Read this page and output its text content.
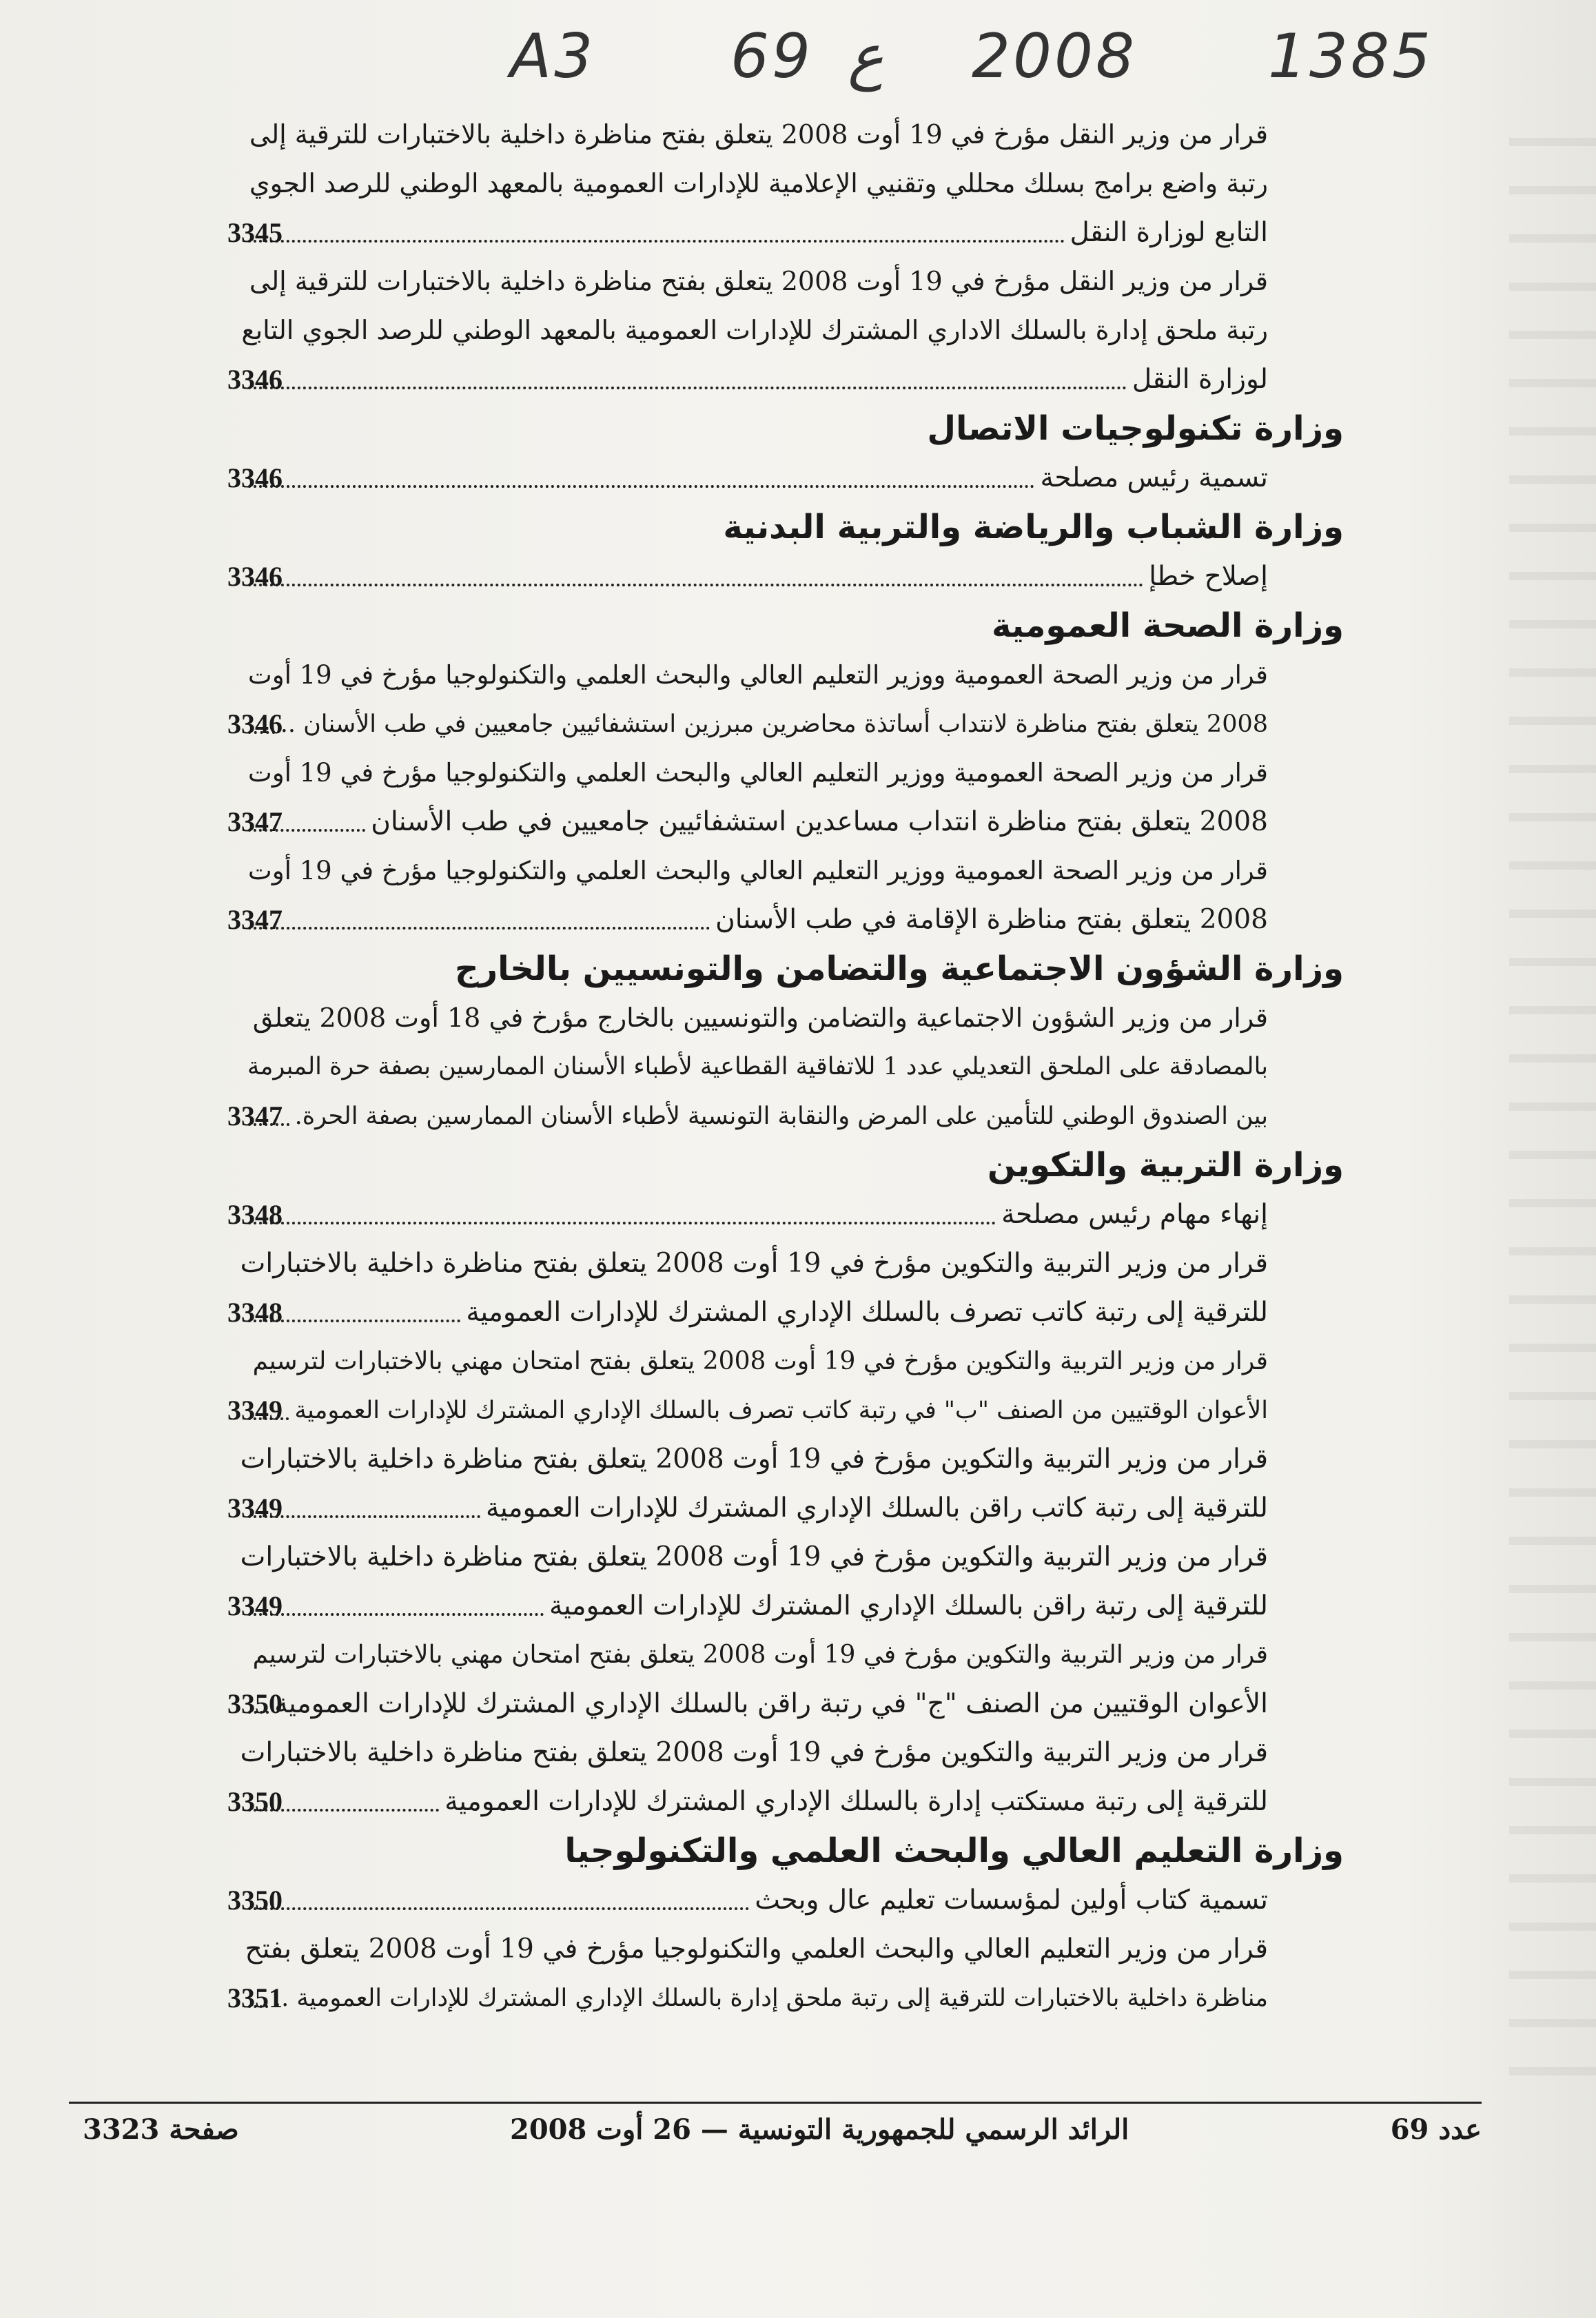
A3 69 ع 2008 1385
قرار من وزير النقل مؤرخ في 19 أوت 2008 يتعلق بفتح مناظرة داخلية بالاختبارات للترقية إلى
رتبة واضع برامج بسلك محللي وتقنيي الإعلامية للإدارات العمومية بالمعهد الوطني للرصد الجوي
التابع لوزارة النقل
3345
قرار من وزير النقل مؤرخ في 19 أوت 2008 يتعلق بفتح مناظرة داخلية بالاختبارات للترقية إلى
رتبة ملحق إدارة بالسلك الاداري المشترك للإدارات العمومية بالمعهد الوطني للرصد الجوي التابع
لوزارة النقل
3346
وزارة تكنولوجيات الاتصال
تسمية رئيس مصلحة
3346
وزارة الشباب والرياضة والتربية البدنية
إصلاح خطإ
3346
وزارة الصحة العمومية
قرار من وزير الصحة العمومية ووزير التعليم العالي والبحث العلمي والتكنولوجيا مؤرخ في 19 أوت
2008 يتعلق بفتح مناظرة لانتداب أساتذة محاضرين مبرزين استشفائيين جامعيين في طب الأسنان ..
3346
قرار من وزير الصحة العمومية ووزير التعليم العالي والبحث العلمي والتكنولوجيا مؤرخ في 19 أوت
2008 يتعلق بفتح مناظرة انتداب مساعدين استشفائيين جامعيين في طب الأسنان
3347
قرار من وزير الصحة العمومية ووزير التعليم العالي والبحث العلمي والتكنولوجيا مؤرخ في 19 أوت
2008 يتعلق بفتح مناظرة الإقامة في طب الأسنان
3347
وزارة الشؤون الاجتماعية والتضامن والتونسيين بالخارج
قرار من وزير الشؤون الاجتماعية والتضامن والتونسيين بالخارج مؤرخ في 18 أوت 2008 يتعلق
بالمصادقة على الملحق التعديلي عدد 1 للاتفاقية القطاعية لأطباء الأسنان الممارسين بصفة حرة المبرمة
بين الصندوق الوطني للتأمين على المرض والنقابة التونسية لأطباء الأسنان الممارسين بصفة الحرة.
3347
وزارة التربية والتكوين
إنهاء مهام رئيس مصلحة
3348
قرار من وزير التربية والتكوين مؤرخ في 19 أوت 2008 يتعلق بفتح مناظرة داخلية بالاختبارات
للترقية إلى رتبة كاتب تصرف بالسلك الإداري المشترك للإدارات العمومية
3348
قرار من وزير التربية والتكوين مؤرخ في 19 أوت 2008 يتعلق بفتح امتحان مهني بالاختبارات لترسيم
الأعوان الوقتيين من الصنف "ب" في رتبة كاتب تصرف بالسلك الإداري المشترك للإدارات العمومية
3349
قرار من وزير التربية والتكوين مؤرخ في 19 أوت 2008 يتعلق بفتح مناظرة داخلية بالاختبارات
للترقية إلى رتبة كاتب راقن بالسلك الإداري المشترك للإدارات العمومية
3349
قرار من وزير التربية والتكوين مؤرخ في 19 أوت 2008 يتعلق بفتح مناظرة داخلية بالاختبارات
للترقية إلى رتبة راقن بالسلك الإداري المشترك للإدارات العمومية
3349
قرار من وزير التربية والتكوين مؤرخ في 19 أوت 2008 يتعلق بفتح امتحان مهني بالاختبارات لترسيم
الأعوان الوقتيين من الصنف "ج" في رتبة راقن بالسلك الإداري المشترك للإدارات العمومية
3350
قرار من وزير التربية والتكوين مؤرخ في 19 أوت 2008 يتعلق بفتح مناظرة داخلية بالاختبارات
للترقية إلى رتبة مستكتب إدارة بالسلك الإداري المشترك للإدارات العمومية
3350
وزارة التعليم العالي والبحث العلمي والتكنولوجيا
تسمية كتاب أولين لمؤسسات تعليم عال وبحث
3350
قرار من وزير التعليم العالي والبحث العلمي والتكنولوجيا مؤرخ في 19 أوت 2008 يتعلق بفتح
مناظرة داخلية بالاختبارات للترقية إلى رتبة ملحق إدارة بالسلك الإداري المشترك للإدارات العمومية ..
3351
عدد 69
الرائد الرسمي للجمهورية التونسية — 26 أوت 2008
صفحة 3323
